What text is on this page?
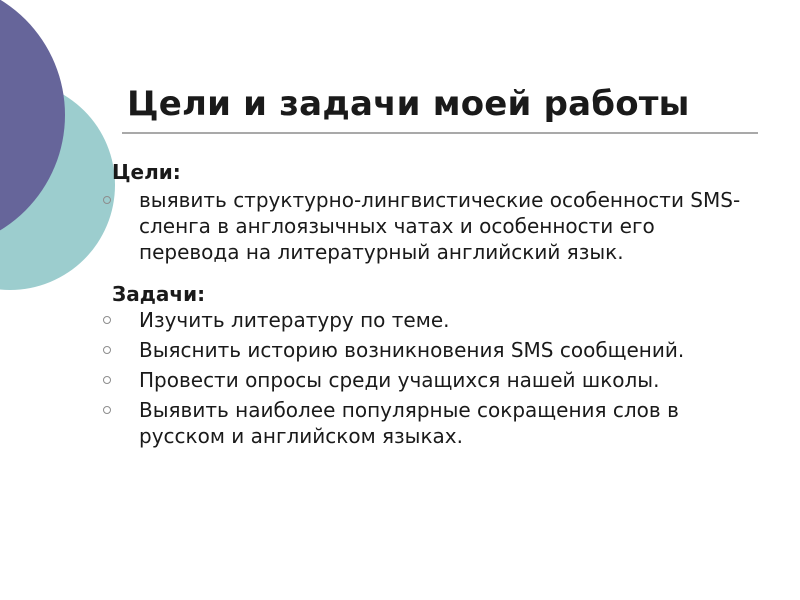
Цели и задачи моей работы
Цели:
выявить структурно-лингвистические особенности SMS-сленга в англоязычных чатах и особенности его перевода на литературный английский язык.
Задачи:
Изучить литературу по теме.
Выяснить историю возникновения SMS сообщений.
Провести опросы среди учащихся нашей школы.
Выявить наиболее популярные сокращения слов в русском и английском языках.
